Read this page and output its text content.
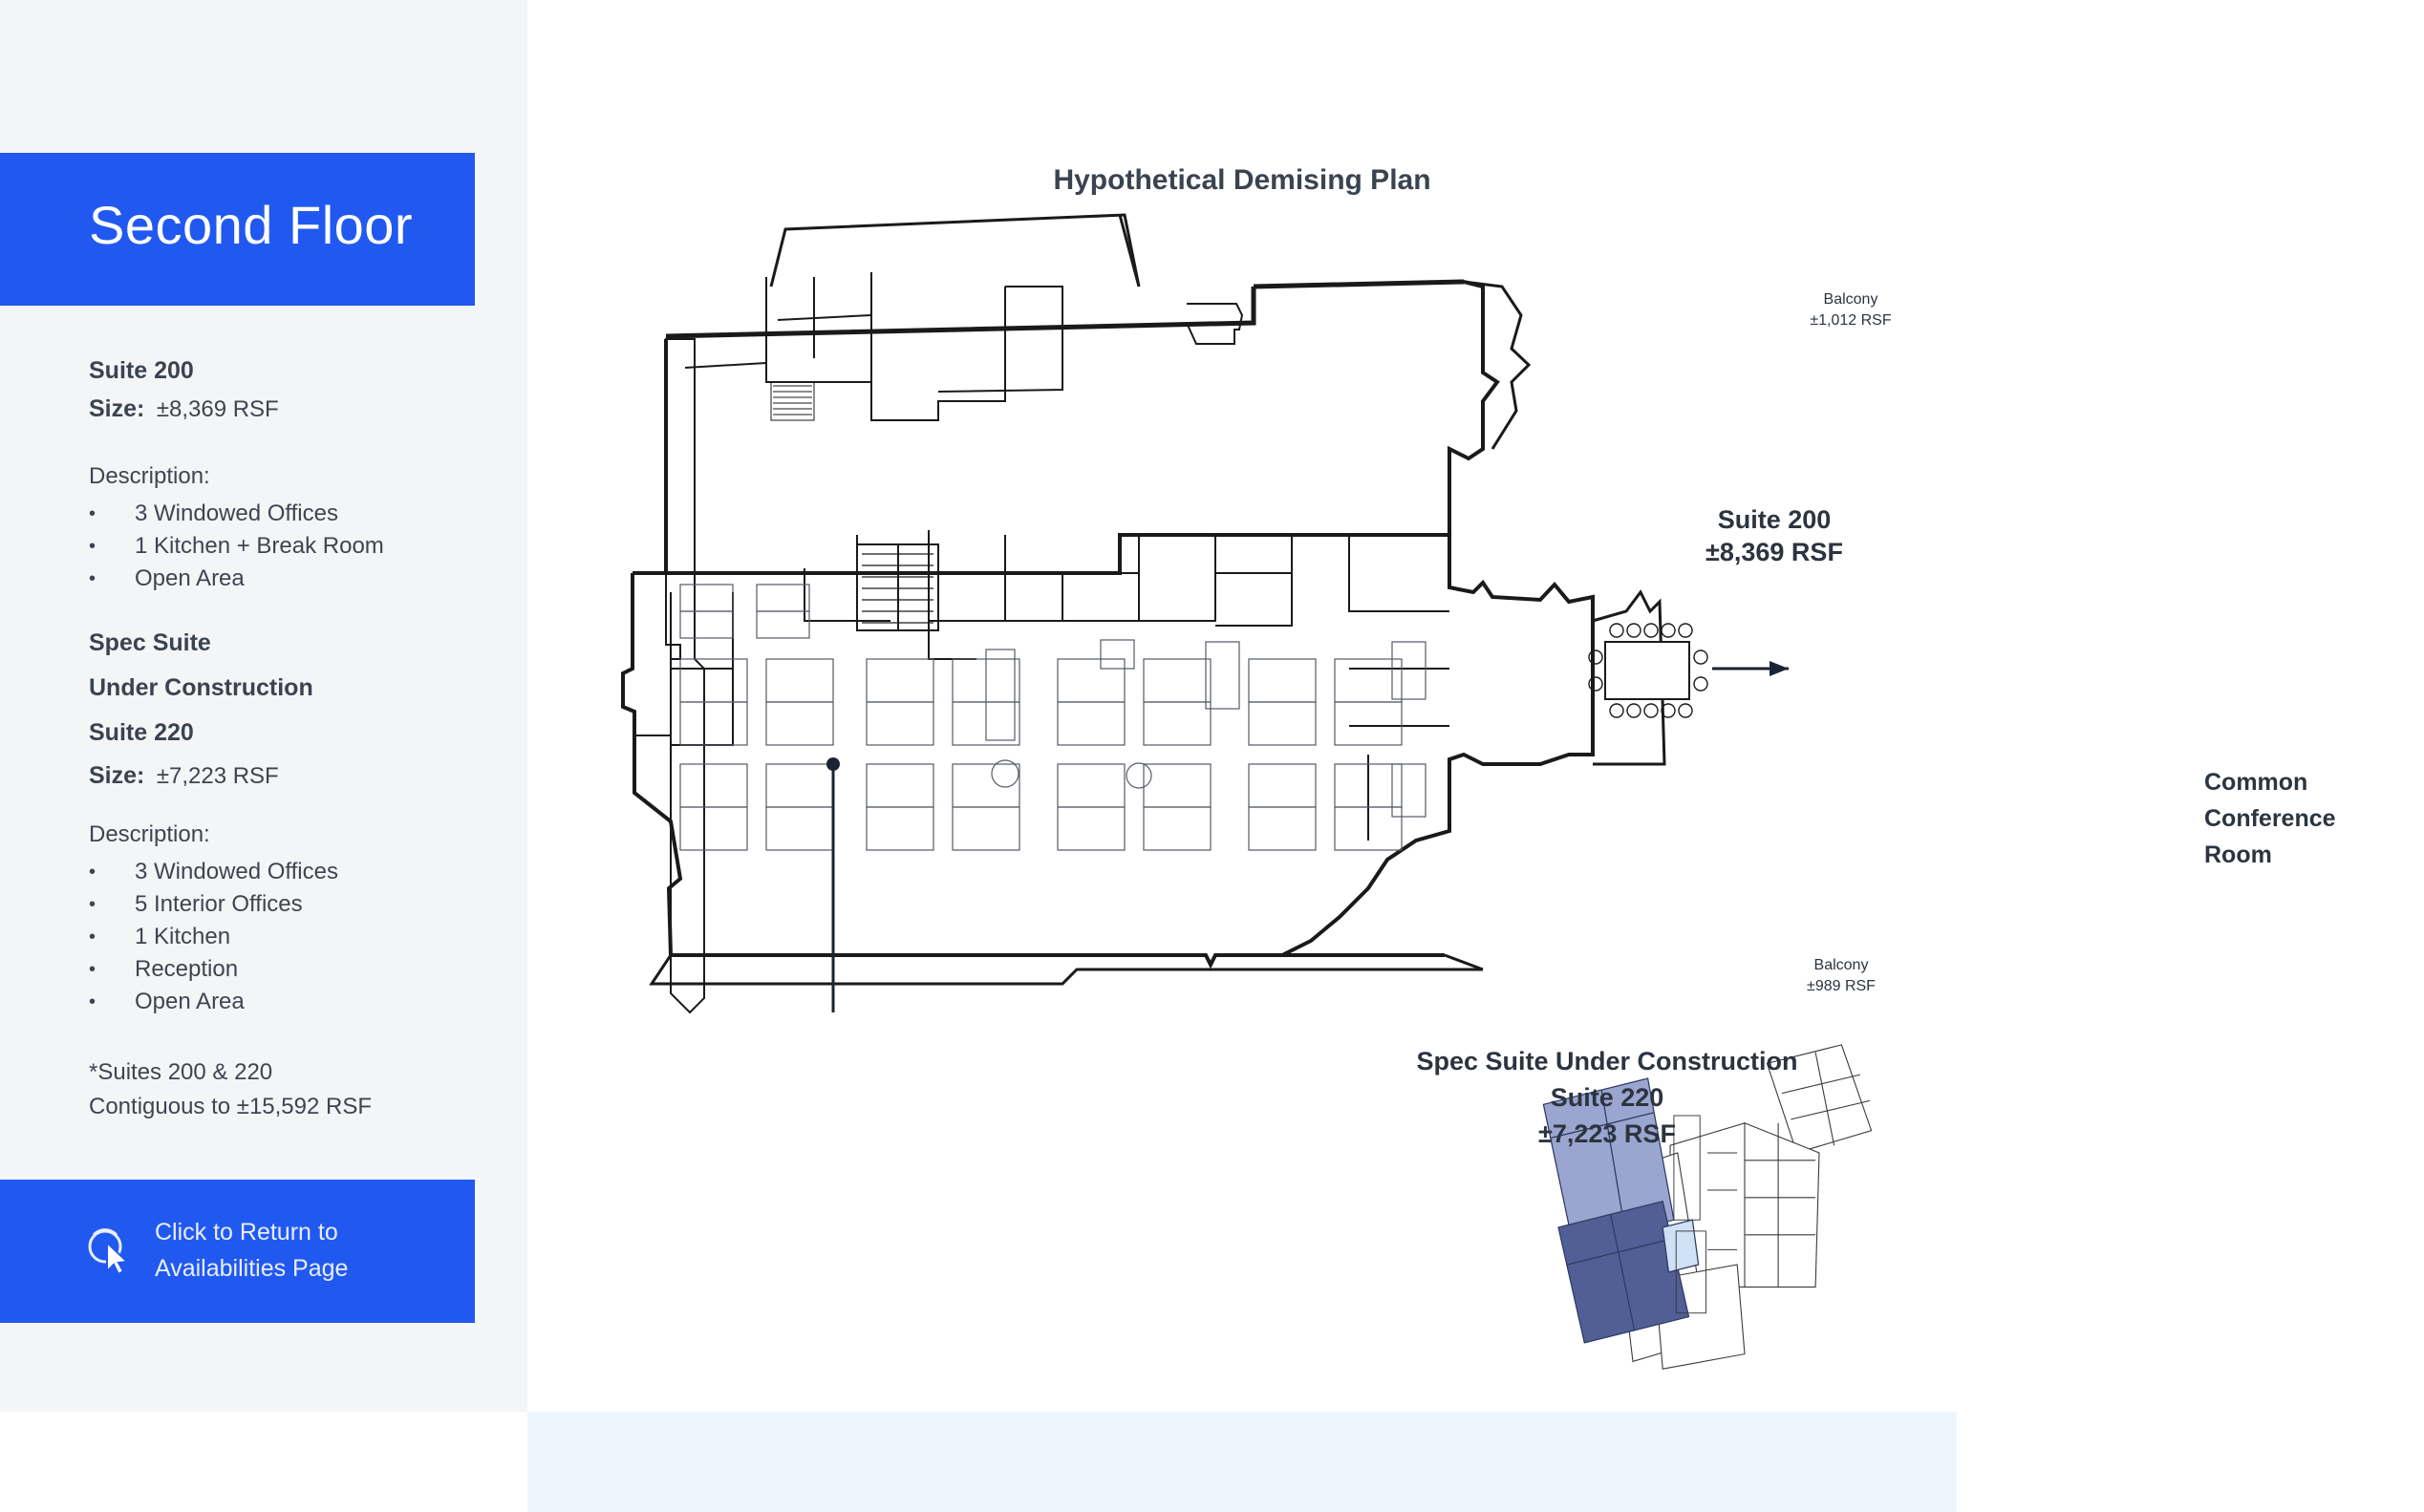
Second Floor
Suite 200
Size: ±8,369 RSF
Description:
• 3 Windowed Offices
• 1 Kitchen + Break Room
• Open Area
Spec Suite
Under Construction
Suite 220
Size: ±7,223 RSF
Description:
• 3 Windowed Offices
• 5 Interior Offices
• 1 Kitchen
• Reception
• Open Area
*Suites 200 & 220
Contiguous to ±15,592 RSF
Click to Return to
Availabilities Page
Hypothetical Demising Plan
Balcony
±1,012 RSF
Balcony
±989 RSF
Suite 200
±8,369 RSF
Spec Suite Under Construction
Suite 220
±7,223 RSF
Common
Conference
Room
